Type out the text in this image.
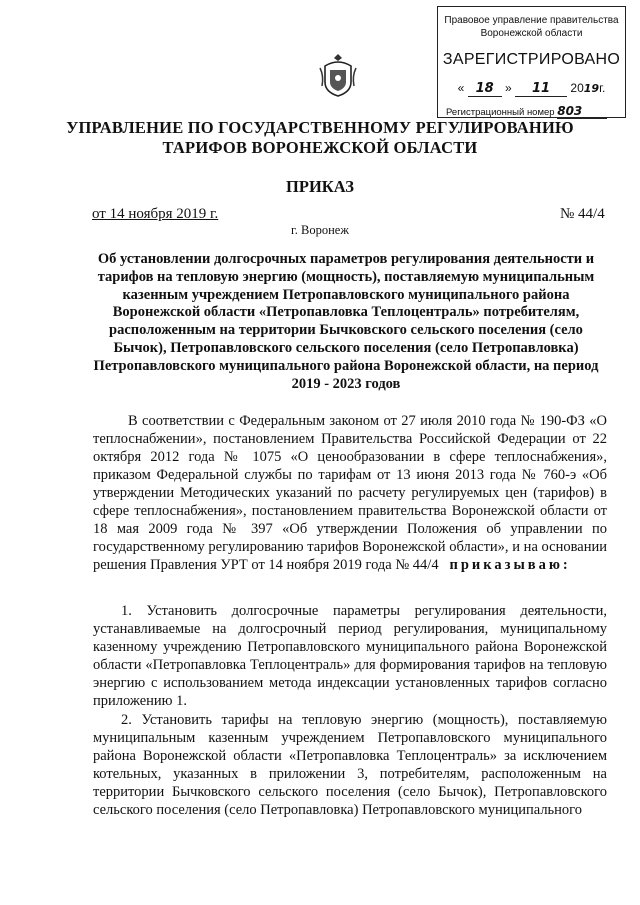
Правовое управление правительства
Воронежской области
ЗАРЕГИСТРИРОВАНО
« 18 » 11 2019г.
Регистрационный номер 803
УПРАВЛЕНИЕ ПО ГОСУДАРСТВЕННОМУ РЕГУЛИРОВАНИЮ
ТАРИФОВ ВОРОНЕЖСКОЙ ОБЛАСТИ
ПРИКАЗ
от 14 ноября 2019 г.	№ 44/4
г. Воронеж
Об установлении долгосрочных параметров регулирования деятельности и тарифов на тепловую энергию (мощность), поставляемую муниципальным казенным учреждением Петропавловского муниципального района Воронежской области «Петропавловка Теплоцентраль» потребителям, расположенным на территории Бычковского сельского поселения (село Бычок), Петропавловского сельского поселения (село Петропавловка) Петропавловского муниципального района Воронежской области, на период 2019 - 2023 годов
В соответствии с Федеральным законом от 27 июля 2010 года № 190-ФЗ «О теплоснабжении», постановлением Правительства Российской Федерации от 22 октября 2012 года № 1075 «О ценообразовании в сфере теплоснабжения», приказом Федеральной службы по тарифам от 13 июня 2013 года № 760-э «Об утверждении Методических указаний по расчету регулируемых цен (тарифов) в сфере теплоснабжения», постановлением правительства Воронежской области от 18 мая 2009 года № 397 «Об утверждении Положения об управлении по государственному регулированию тарифов Воронежской области», и на основании решения Правления УРТ от 14 ноября 2019 года № 44/4 приказываю:
1. Установить долгосрочные параметры регулирования деятельности, устанавливаемые на долгосрочный период регулирования, муниципальному казенному учреждению Петропавловского муниципального района Воронежской области «Петропавловка Теплоцентраль» для формирования тарифов на тепловую энергию с использованием метода индексации установленных тарифов согласно приложению 1.
2. Установить тарифы на тепловую энергию (мощность), поставляемую муниципальным казенным учреждением Петропавловского муниципального района Воронежской области «Петропавловка Теплоцентраль» за исключением котельных, указанных в приложении 3, потребителям, расположенным на территории Бычковского сельского поселения (село Бычок), Петропавловского сельского поселения (село Петропавловка) Петропавловского муниципального
